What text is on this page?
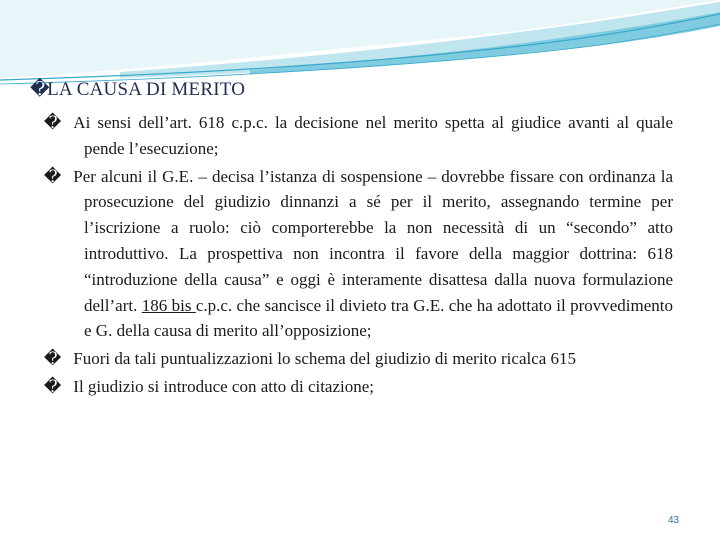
�LA CAUSA DI MERITO

� Ai sensi dell’art. 618 c.p.c. la decisione nel merito spetta al giudice avanti al quale pende l’esecuzione;

� Per alcuni il G.E. – decisa l’istanza di sospensione – dovrebbe fissare con ordinanza la prosecuzione del giudizio dinnanzi a sé per il merito, assegnando termine per l’iscrizione a ruolo: ciò comporterebbe la non necessità di un “secondo” atto introduttivo. La prospettiva non incontra il favore della maggior dottrina: 618 “introduzione della causa” e oggi è interamente disattesa dalla nuova formulazione dell’art. 186 bis c.p.c. che sancisce il divieto tra G.E. che ha adottato il provvedimento e G. della causa di merito all’opposizione;

� Fuori da tali puntualizzazioni lo schema del giudizio di merito ricalca 615

� Il giudizio si introduce con atto di citazione;

43
